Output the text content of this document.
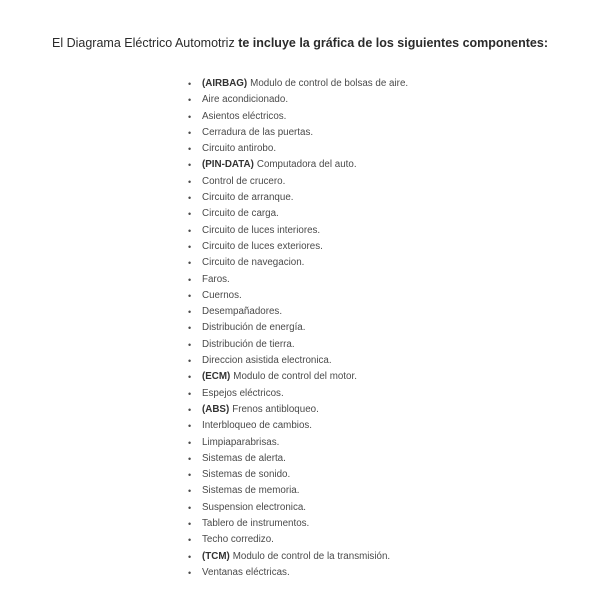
El Diagrama Eléctrico Automotriz te incluye la gráfica de los siguientes componentes:
• (AIRBAG) Modulo de control de bolsas de aire.
• Aire acondicionado.
• Asientos eléctricos.
• Cerradura de las puertas.
• Circuito antirobo.
• (PIN-DATA) Computadora del auto.
• Control de crucero.
• Circuito de arranque.
• Circuito de carga.
• Circuito de luces interiores.
• Circuito de luces exteriores.
• Circuito de navegacion.
• Faros.
• Cuernos.
• Desempañadores.
• Distribución de energía.
• Distribución de tierra.
• Direccion asistida electronica.
• (ECM) Modulo de control del motor.
• Espejos eléctricos.
• (ABS) Frenos antibloqueo.
• Interbloqueo de cambios.
• Limpiaparabrisas.
• Sistemas de alerta.
• Sistemas de sonido.
• Sistemas de memoria.
• Suspension electronica.
• Tablero de instrumentos.
• Techo corredizo.
• (TCM) Modulo de control de la transmisión.
• Ventanas eléctricas.
